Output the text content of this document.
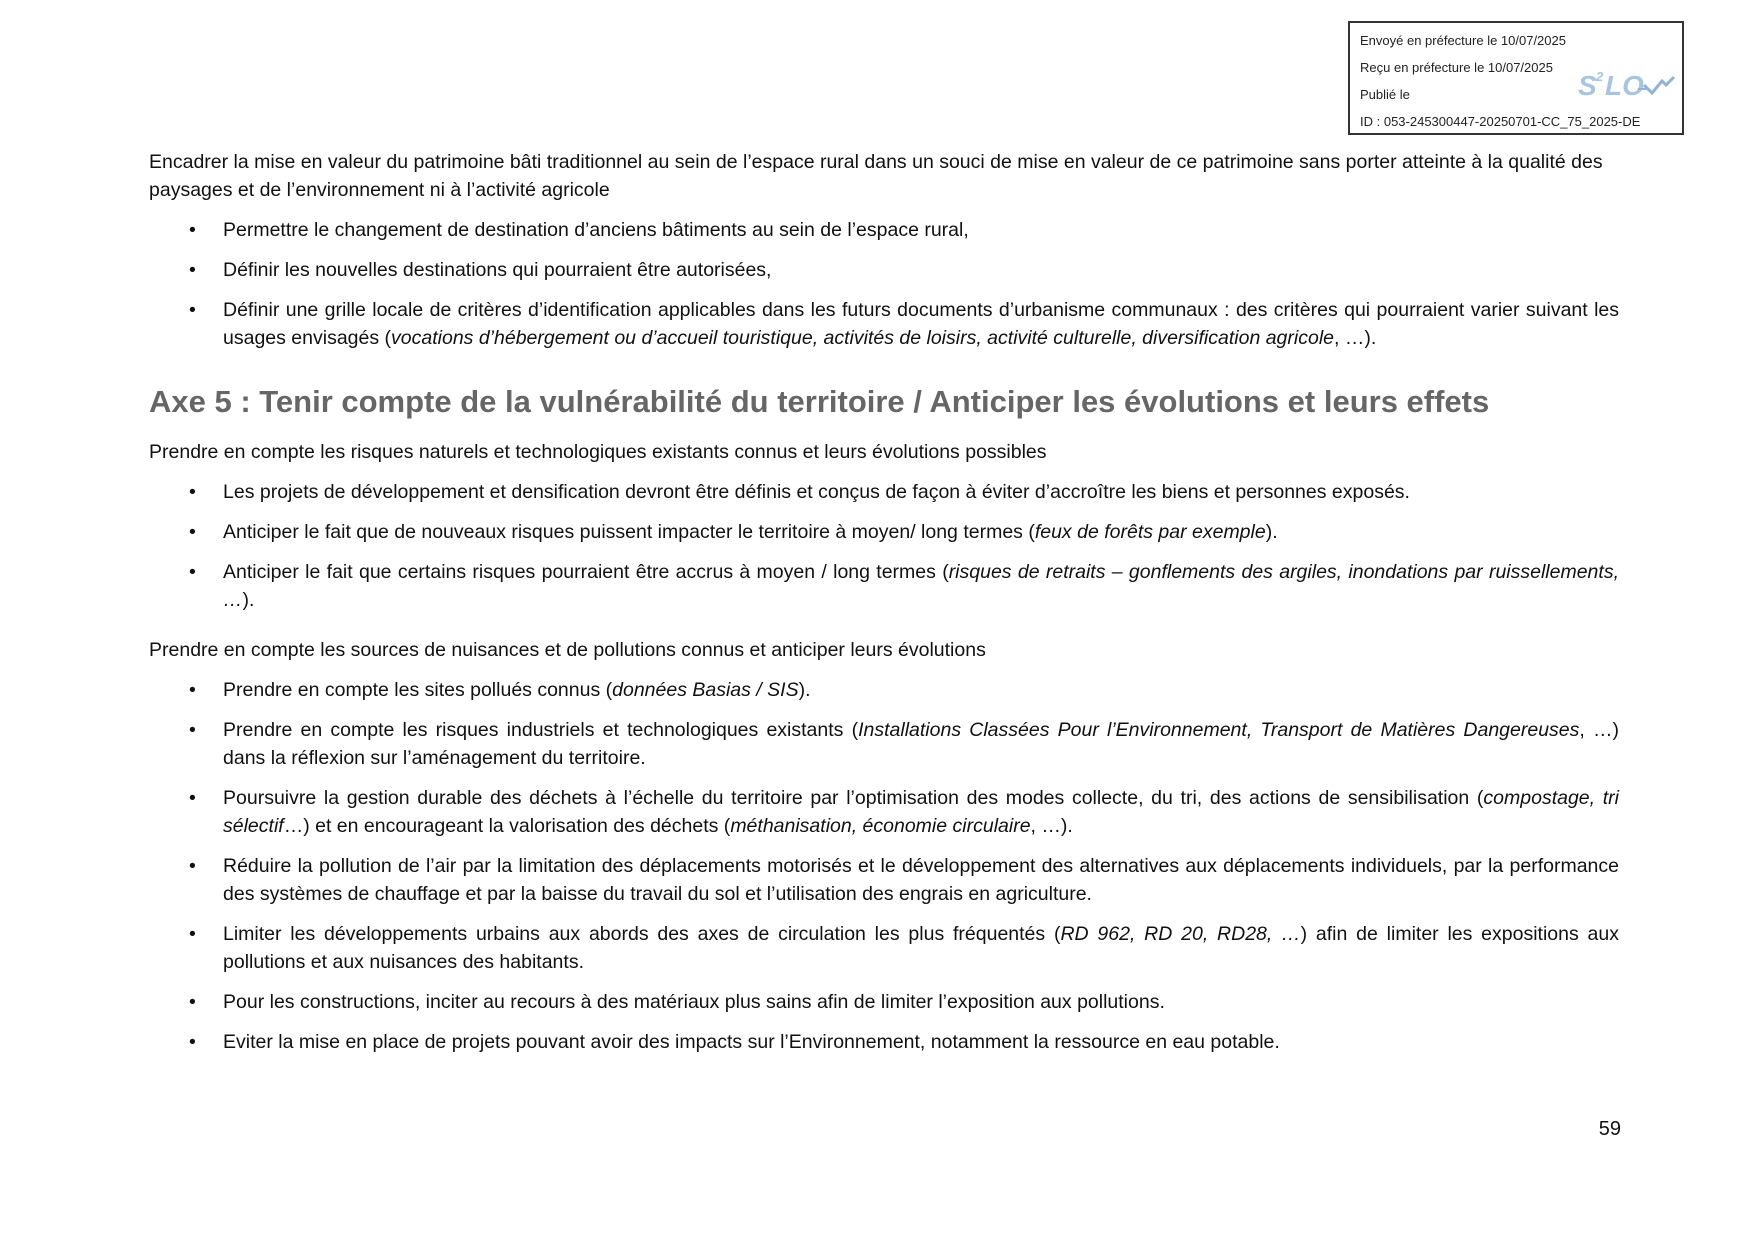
Envoyé en préfecture le 10/07/2025
Reçu en préfecture le 10/07/2025
Publié le
ID : 053-245300447-20250701-CC_75_2025-DE
S 2 LO

Encadrer la mise en valeur du patrimoine bâti traditionnel au sein de l’espace rural dans un souci de mise en valeur de ce patrimoine sans porter atteinte à la qualité des paysages et de l’environnement ni à l’activité agricole

• Permettre le changement de destination d’anciens bâtiments au sein de l’espace rural,
• Définir les nouvelles destinations qui pourraient être autorisées,
• Définir une grille locale de critères d’identification applicables dans les futurs documents d’urbanisme communaux : des critères qui pourraient varier suivant les usages envisagés (vocations d’hébergement ou d’accueil touristique, activités de loisirs, activité culturelle, diversification agricole, …).
Axe 5 : Tenir compte de la vulnérabilité du territoire / Anticiper les évolutions et leurs effets

Prendre en compte les risques naturels et technologiques existants connus et leurs évolutions possibles

• Les projets de développement et densification devront être définis et conçus de façon à éviter d’accroître les biens et personnes exposés.
• Anticiper le fait que de nouveaux risques puissent impacter le territoire à moyen/ long termes (feux de forêts par exemple).
• Anticiper le fait que certains risques pourraient être accrus à moyen / long termes (risques de retraits – gonflements des argiles, inondations par ruissellements, …).

Prendre en compte les sources de nuisances et de pollutions connus et anticiper leurs évolutions

• Prendre en compte les sites pollués connus (données Basias / SIS).
• Prendre en compte les risques industriels et technologiques existants (Installations Classées Pour l’Environnement, Transport de Matières Dangereuses, …) dans la réflexion sur l’aménagement du territoire.
• Poursuivre la gestion durable des déchets à l’échelle du territoire par l’optimisation des modes collecte, du tri, des actions de sensibilisation (compostage, tri sélectif…) et en encourageant la valorisation des déchets (méthanisation, économie circulaire, …).
• Réduire la pollution de l’air par la limitation des déplacements motorisés et le développement des alternatives aux déplacements individuels, par la performance des systèmes de chauffage et par la baisse du travail du sol et l’utilisation des engrais en agriculture.
• Limiter les développements urbains aux abords des axes de circulation les plus fréquentés (RD 962, RD 20, RD28, …) afin de limiter les expositions aux pollutions et aux nuisances des habitants.
• Pour les constructions, inciter au recours à des matériaux plus sains afin de limiter l’exposition aux pollutions.
• Eviter la mise en place de projets pouvant avoir des impacts sur l’Environnement, notamment la ressource en eau potable.
59
